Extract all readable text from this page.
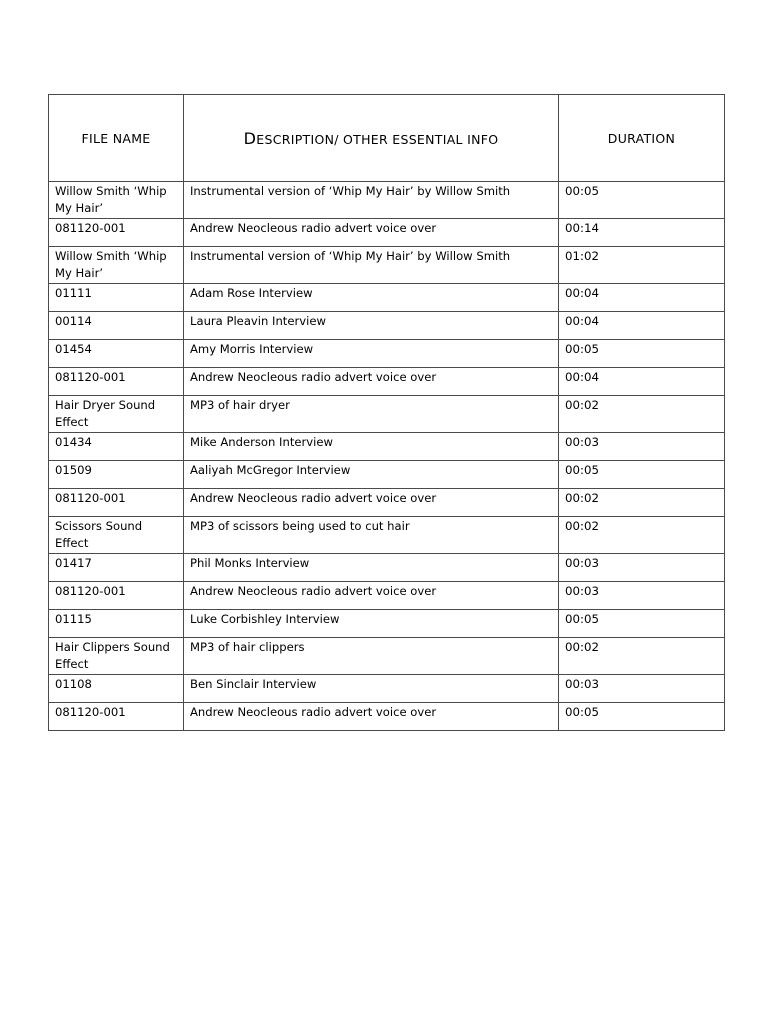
FILE NAME	DESCRIPTION/ OTHER ESSENTIAL INFO	DURATION
Willow Smith ‘Whip My Hair’	Instrumental version of ‘Whip My Hair’ by Willow Smith	00:05
081120-001	Andrew Neocleous radio advert voice over	00:14
Willow Smith ‘Whip My Hair’	Instrumental version of ‘Whip My Hair’ by Willow Smith	01:02
01111	Adam Rose Interview	00:04
00114	Laura Pleavin Interview	00:04
01454	Amy Morris Interview	00:05
081120-001	Andrew Neocleous radio advert voice over	00:04
Hair Dryer Sound Effect	MP3 of hair dryer	00:02
01434	Mike Anderson Interview	00:03
01509	Aaliyah McGregor Interview	00:05
081120-001	Andrew Neocleous radio advert voice over	00:02
Scissors Sound Effect	MP3 of scissors being used to cut hair	00:02
01417	Phil Monks Interview	00:03
081120-001	Andrew Neocleous radio advert voice over	00:03
01115	Luke Corbishley Interview	00:05
Hair Clippers Sound Effect	MP3 of hair clippers	00:02
01108	Ben Sinclair Interview	00:03
081120-001	Andrew Neocleous radio advert voice over	00:05
